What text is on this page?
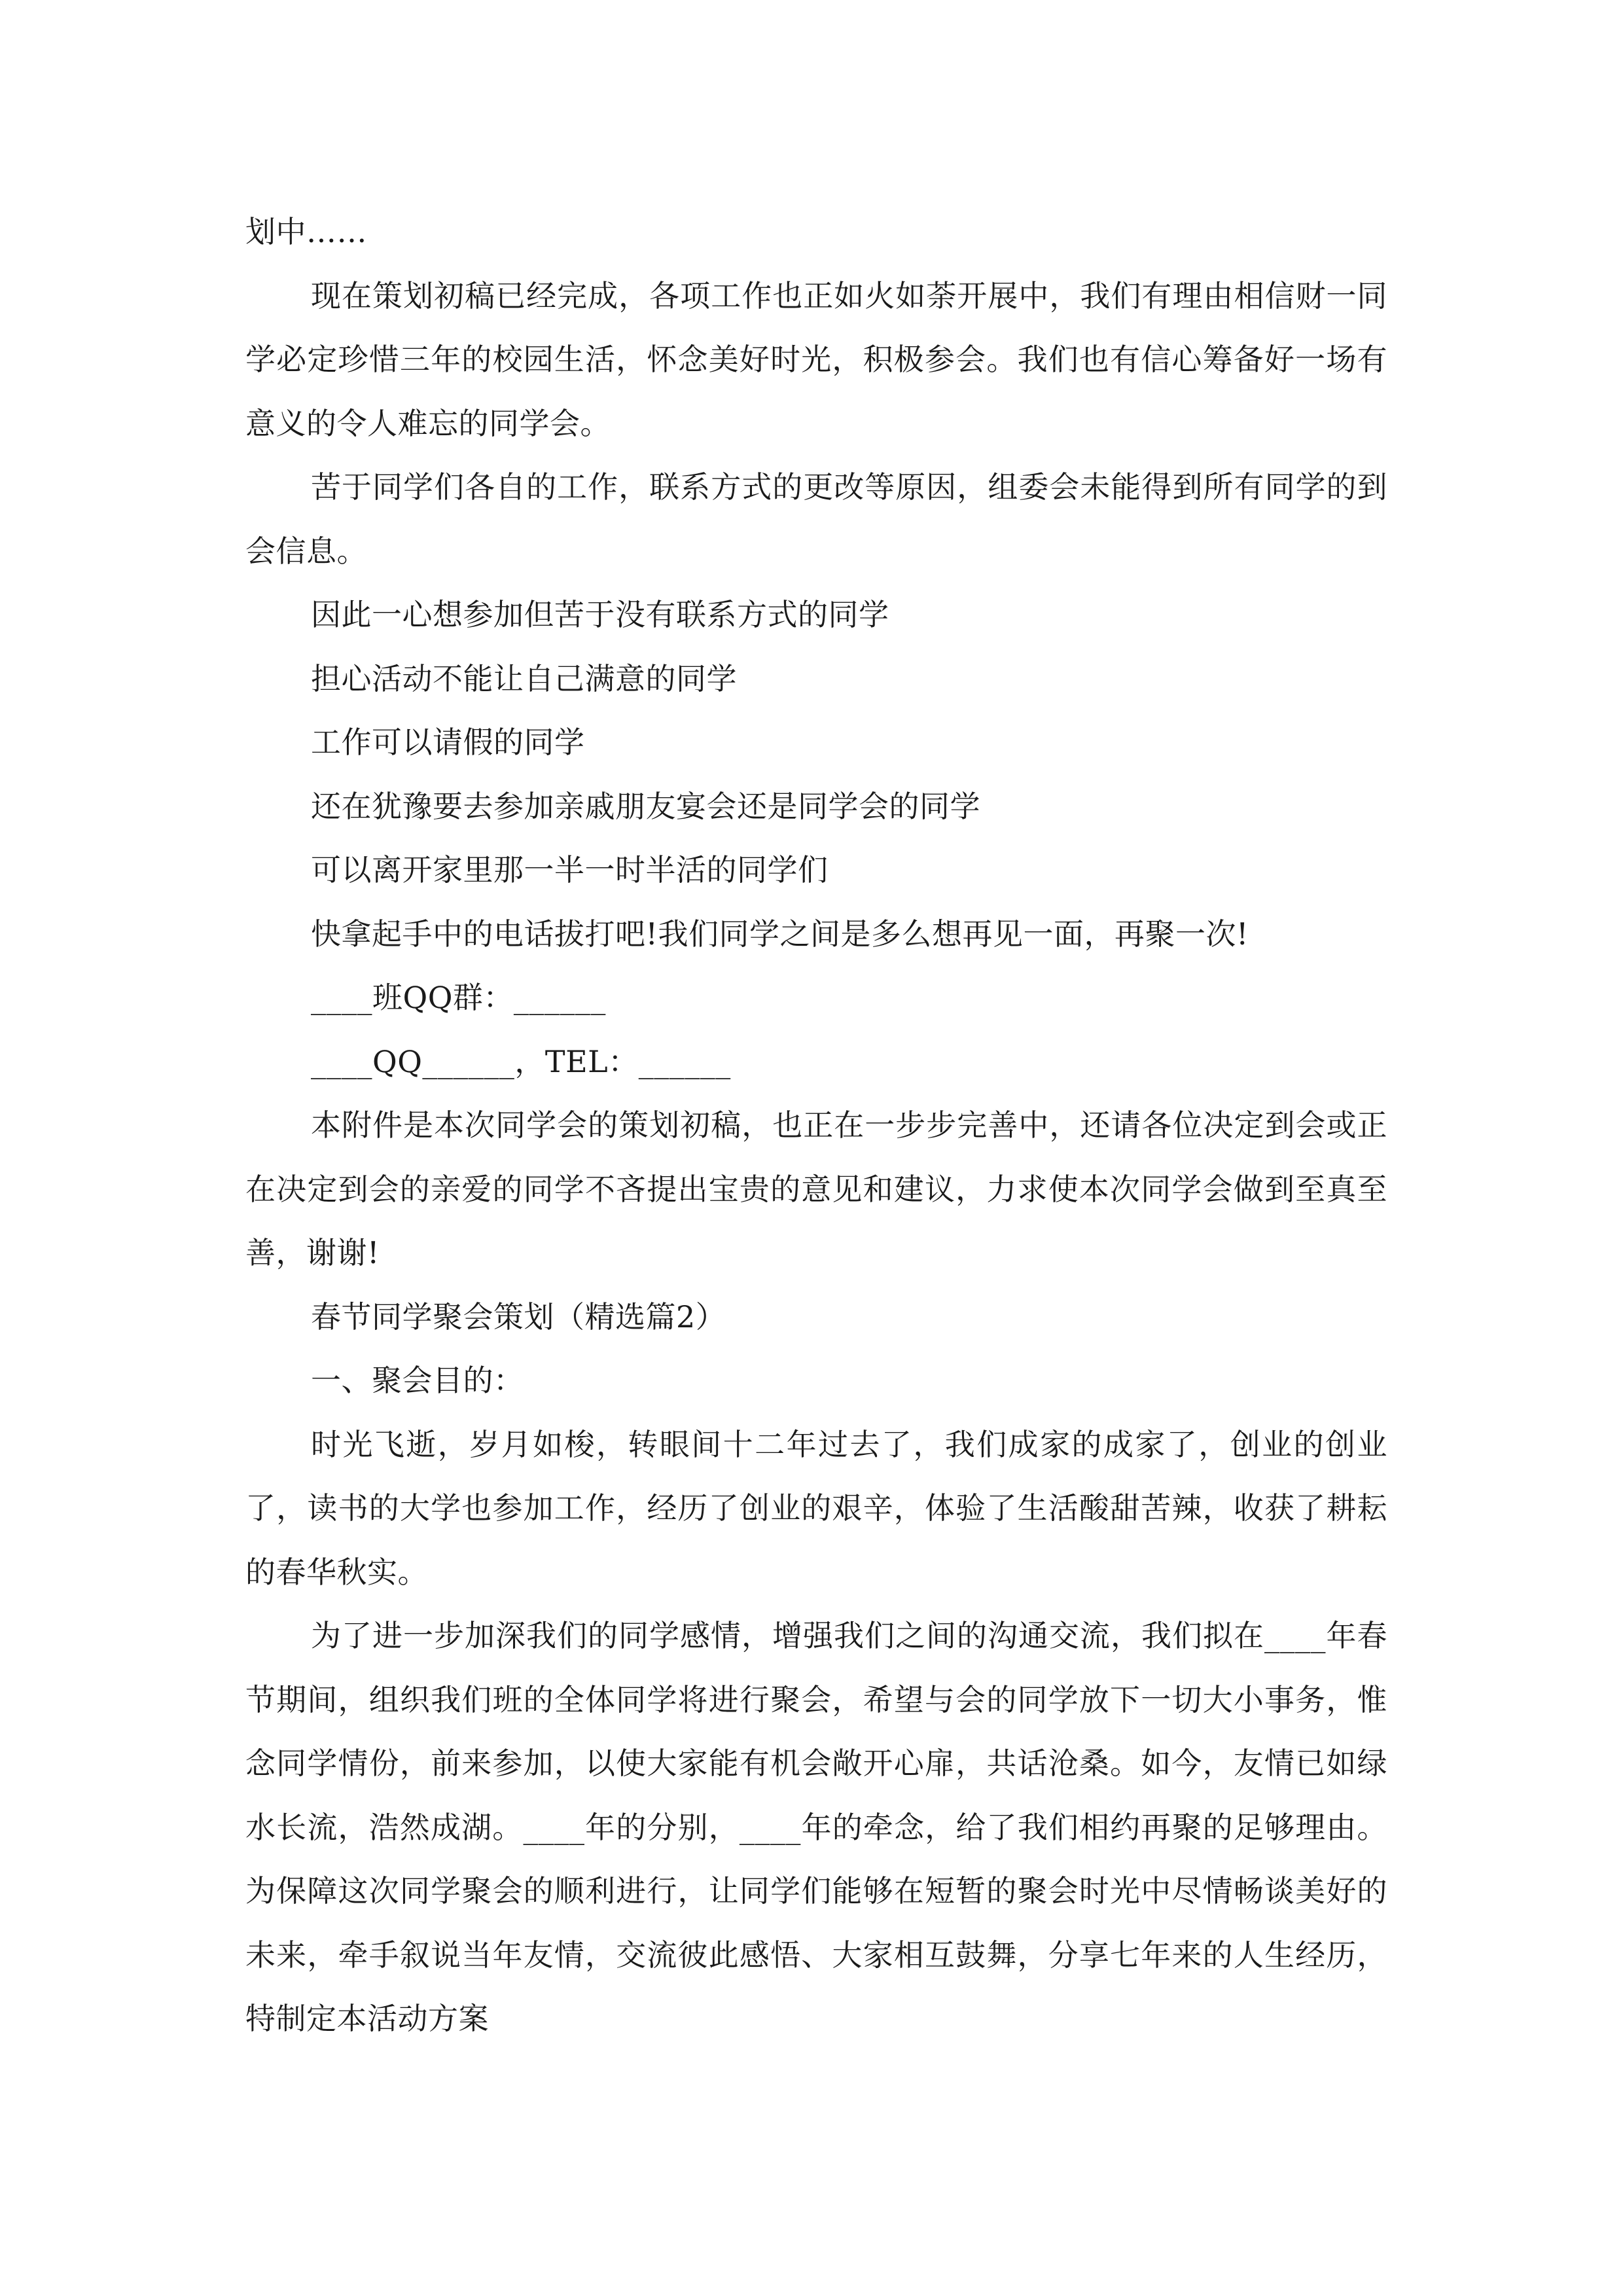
划中……

现在策划初稿已经完成，各项工作也正如火如荼开展中，我们有理由相信财一同学必定珍惜三年的校园生活，怀念美好时光，积极参会。我们也有信心筹备好一场有意义的令人难忘的同学会。

苦于同学们各自的工作，联系方式的更改等原因，组委会未能得到所有同学的到会信息。

因此一心想参加但苦于没有联系方式的同学

担心活动不能让自己满意的同学

工作可以请假的同学

还在犹豫要去参加亲戚朋友宴会还是同学会的同学

可以离开家里那一半一时半活的同学们

快拿起手中的电话拔打吧!我们同学之间是多么想再见一面，再聚一次!

____班QQ群：______

____QQ______，TEL：______

本附件是本次同学会的策划初稿，也正在一步步完善中，还请各位决定到会或正在决定到会的亲爱的同学不吝提出宝贵的意见和建议，力求使本次同学会做到至真至善，谢谢!

春节同学聚会策划（精选篇2）

一、聚会目的：

时光飞逝，岁月如梭，转眼间十二年过去了，我们成家的成家了，创业的创业了，读书的大学也参加工作，经历了创业的艰辛，体验了生活酸甜苦辣，收获了耕耘的春华秋实。

为了进一步加深我们的同学感情，增强我们之间的沟通交流，我们拟在____年春节期间，组织我们班的全体同学将进行聚会，希望与会的同学放下一切大小事务，惟念同学情份，前来参加，以使大家能有机会敞开心扉，共话沧桑。如今，友情已如绿水长流，浩然成湖。____年的分别，____年的牵念，给了我们相约再聚的足够理由。为保障这次同学聚会的顺利进行，让同学们能够在短暂的聚会时光中尽情畅谈美好的未来，牵手叙说当年友情，交流彼此感悟、大家相互鼓舞，分享七年来的人生经历，特制定本活动方案
